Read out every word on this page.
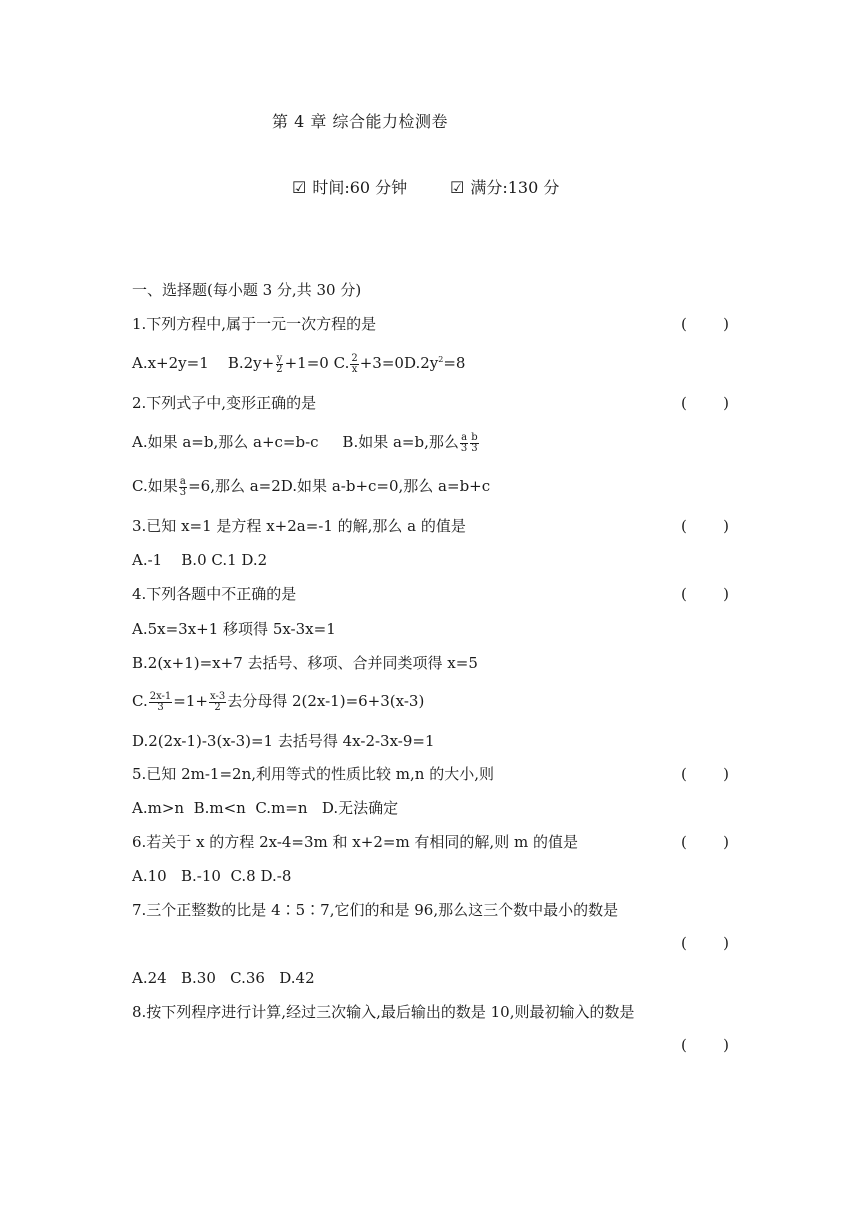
第 4 章 综合能力检测卷
☑ 时间:60 分钟	☑ 满分:130 分
一、选择题(每小题 3 分,共 30 分)
1.下列方程中,属于一元一次方程的是	( )
A.x+2y=1 $B.2y+ \frac{y}{2} +1=0$ C. $\frac{2}{x} +3=0D.2y^2=8$
2.下列式子中,变形正确的是	( )
A.如果 a=b,那么 a+c=b-c B.如果 a=b,那么 $\frac{a}{3} \frac{b}{3}$
C.如果 $\frac{a}{3} =6$,那么 a=2D.如果 a-b+c=0,那么 a=b+c
3.已知 x=1 是方程 x+2a=-1 的解,那么 a 的值是	( )
A.-1    B.0 C.1 D.2
4.下列各题中不正确的是	( )
A.5x=3x+1 移项得 5x-3x=1
B.2(x+1)=x+7 去括号、移项、合并同类项得 x=5
C. $\frac{2x-1}{3} =1+ \frac{x-3}{2}$ 去分母得 2(2x-1)=6+3(x-3)
D.2(2x-1)-3(x-3)=1 去括号得 4x-2-3x-9=1
5.已知 2m-1=2n,利用等式的性质比较 m,n 的大小,则	( )
A.m>n  B.m<n  C.m=n   D.无法确定
6.若关于 x 的方程 2x-4=3m 和 x+2=m 有相同的解,则 m 的值是	( )
A.10   B.-10  C.8 D.-8
7.三个正整数的比是 4∶5∶7,它们的和是 96,那么这三个数中最小的数是
( )
A.24   B.30   C.36   D.42
8.按下列程序进行计算,经过三次输入,最后输出的数是 10,则最初输入的数是
( )
